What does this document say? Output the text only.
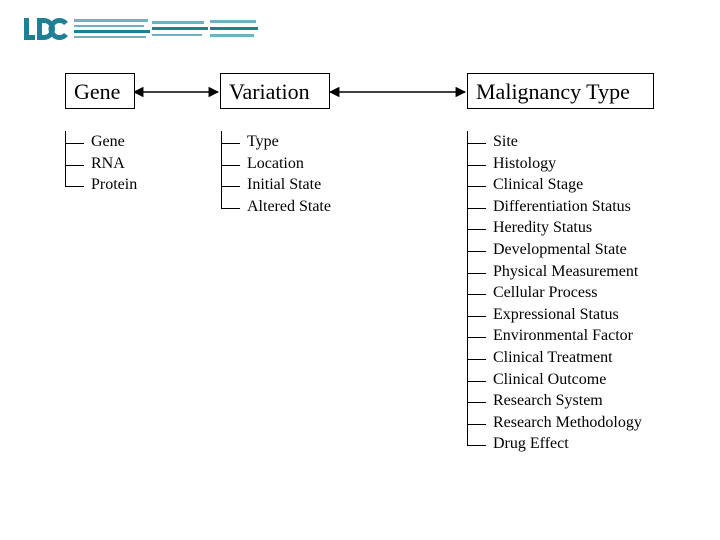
Gene	Variation	Malignancy Type
Gene
RNA
Protein
Type
Location
Initial State
Altered State
Site
Histology
Clinical Stage
Differentiation Status
Heredity Status
Developmental State
Physical Measurement
Cellular Process
Expressional Status
Environmental Factor
Clinical Treatment
Clinical Outcome
Research System
Research Methodology
Drug Effect
